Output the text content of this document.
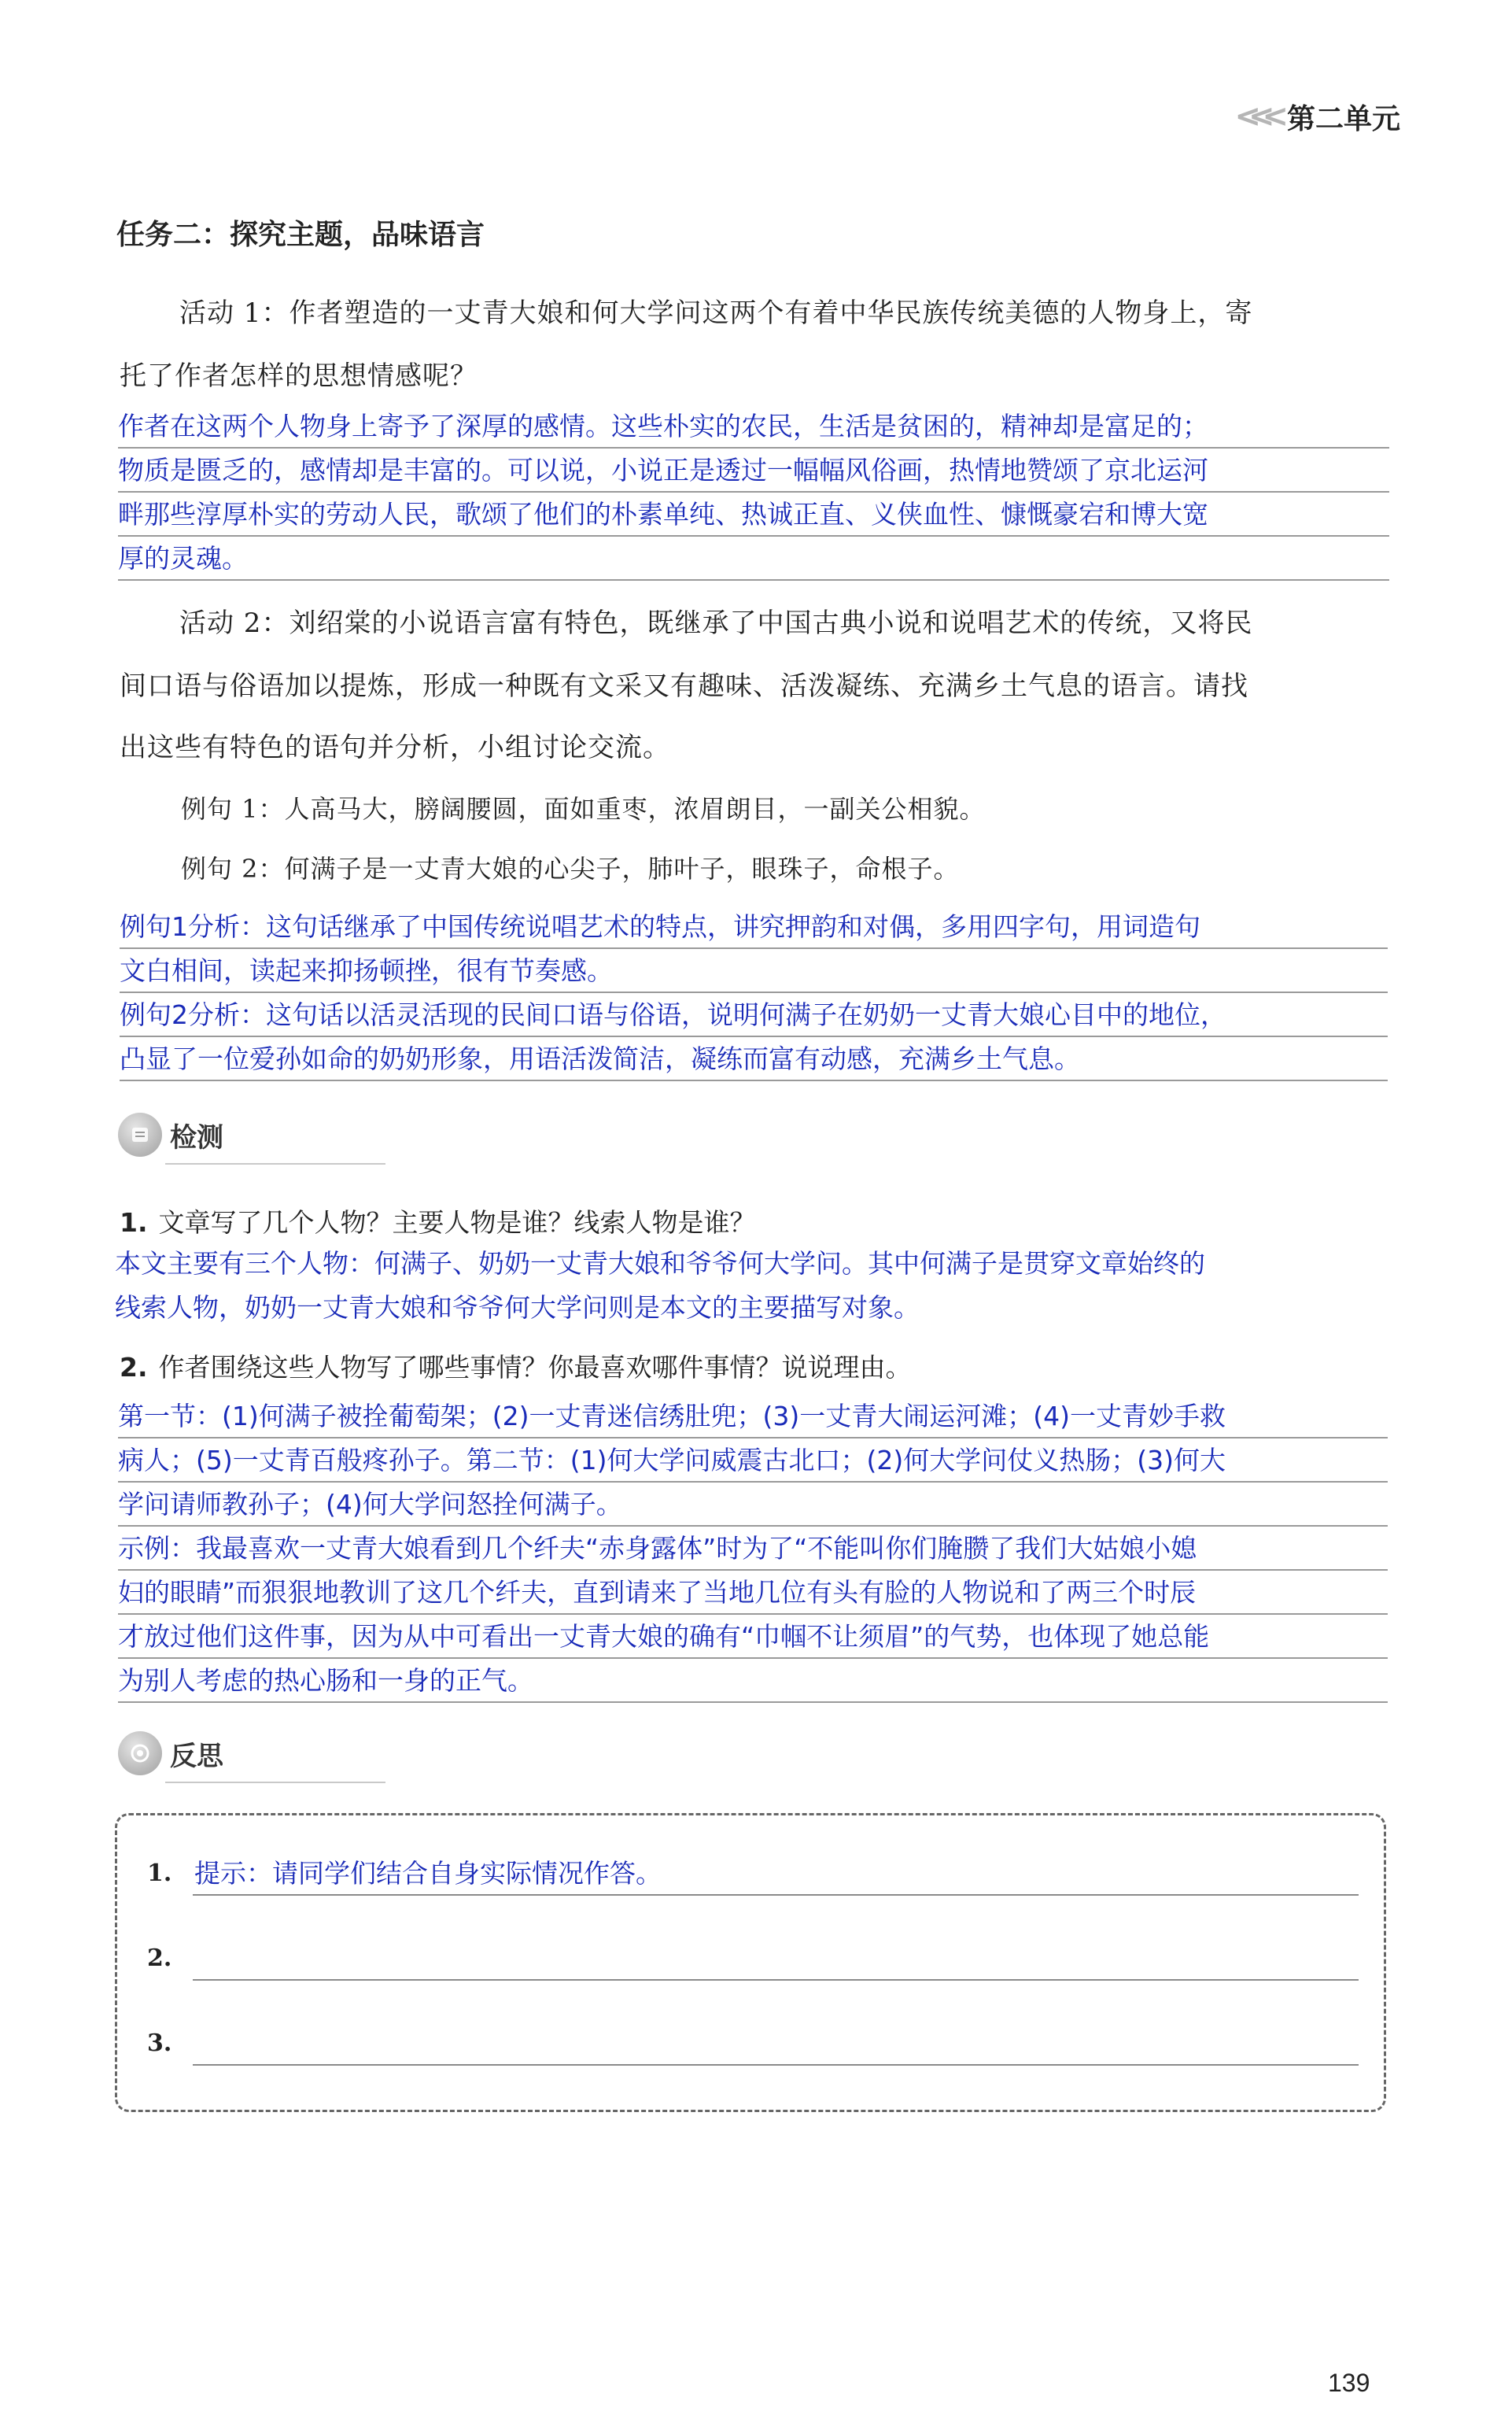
<<< 第二单元
任务二：探究主题，品味语言
活动 1：作者塑造的一丈青大娘和何大学问这两个有着中华民族传统美德的人物身上，寄
托了作者怎样的思想情感呢？
作者在这两个人物身上寄予了深厚的感情。这些朴实的农民，生活是贫困的，精神却是富足的；
物质是匮乏的，感情却是丰富的。可以说，小说正是透过一幅幅风俗画，热情地赞颂了京北运河
畔那些淳厚朴实的劳动人民，歌颂了他们的朴素单纯、热诚正直、义侠血性、慷慨豪宕和博大宽
厚的灵魂。
活动 2：刘绍棠的小说语言富有特色，既继承了中国古典小说和说唱艺术的传统，又将民
间口语与俗语加以提炼，形成一种既有文采又有趣味、活泼凝练、充满乡土气息的语言。请找
出这些有特色的语句并分析，小组讨论交流。
例句 1：人高马大，膀阔腰圆，面如重枣，浓眉朗目，一副关公相貌。
例句 2：何满子是一丈青大娘的心尖子，肺叶子，眼珠子，命根子。
例句1分析：这句话继承了中国传统说唱艺术的特点，讲究押韵和对偶，多用四字句，用词造句
文白相间，读起来抑扬顿挫，很有节奏感。
例句2分析：这句话以活灵活现的民间口语与俗语，说明何满子在奶奶一丈青大娘心目中的地位，
凸显了一位爱孙如命的奶奶形象，用语活泼简洁，凝练而富有动感，充满乡土气息。
检测
1. 文章写了几个人物？主要人物是谁？线索人物是谁？
本文主要有三个人物：何满子、奶奶一丈青大娘和爷爷何大学问。其中何满子是贯穿文章始终的
线索人物，奶奶一丈青大娘和爷爷何大学问则是本文的主要描写对象。
2. 作者围绕这些人物写了哪些事情？你最喜欢哪件事情？说说理由。
第一节：(1)何满子被拴葡萄架；(2)一丈青迷信绣肚兜；(3)一丈青大闹运河滩；(4)一丈青妙手救
病人；(5)一丈青百般疼孙子。第二节：(1)何大学问威震古北口；(2)何大学问仗义热肠；(3)何大
学问请师教孙子；(4)何大学问怒拴何满子。
示例：我最喜欢一丈青大娘看到几个纤夫“赤身露体”时为了“不能叫你们腌臜了我们大姑娘小媳
妇的眼睛”而狠狠地教训了这几个纤夫，直到请来了当地几位有头有脸的人物说和了两三个时辰
才放过他们这件事，因为从中可看出一丈青大娘的确有“巾帼不让须眉”的气势，也体现了她总能
为别人考虑的热心肠和一身的正气。
反思
1. 提示：请同学们结合自身实际情况作答。
2.
3.
139
